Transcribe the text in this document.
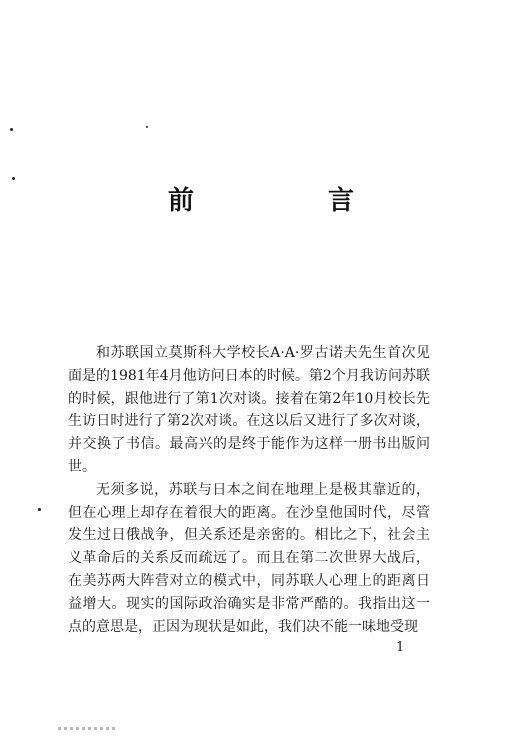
前　言

和苏联国立莫斯科大学校长A·A·罗古诺夫先生首次见面是的1981年4月他访问日本的时候。第2个月我访问苏联的时候，跟他进行了第1次对谈。接着在第2年10月校长先生访日时进行了第2次对谈。在这以后又进行了多次对谈，并交换了书信。最高兴的是终于能作为这样一册书出版问世。

无须多说，苏联与日本之间在地理上是极其靠近的，但在心理上却存在着很大的距离。在沙皇他国时代，尽管发生过日俄战争，但关系还是亲密的。相比之下，社会主义革命后的关系反而疏远了。而且在第二次世界大战后，在美苏两大阵营对立的模式中，同苏联人心理上的距离日益增大。现实的国际政治确实是非常严酷的。我指出这一点的意思是，正因为现状是如此，我们决不能一味地受现

1
